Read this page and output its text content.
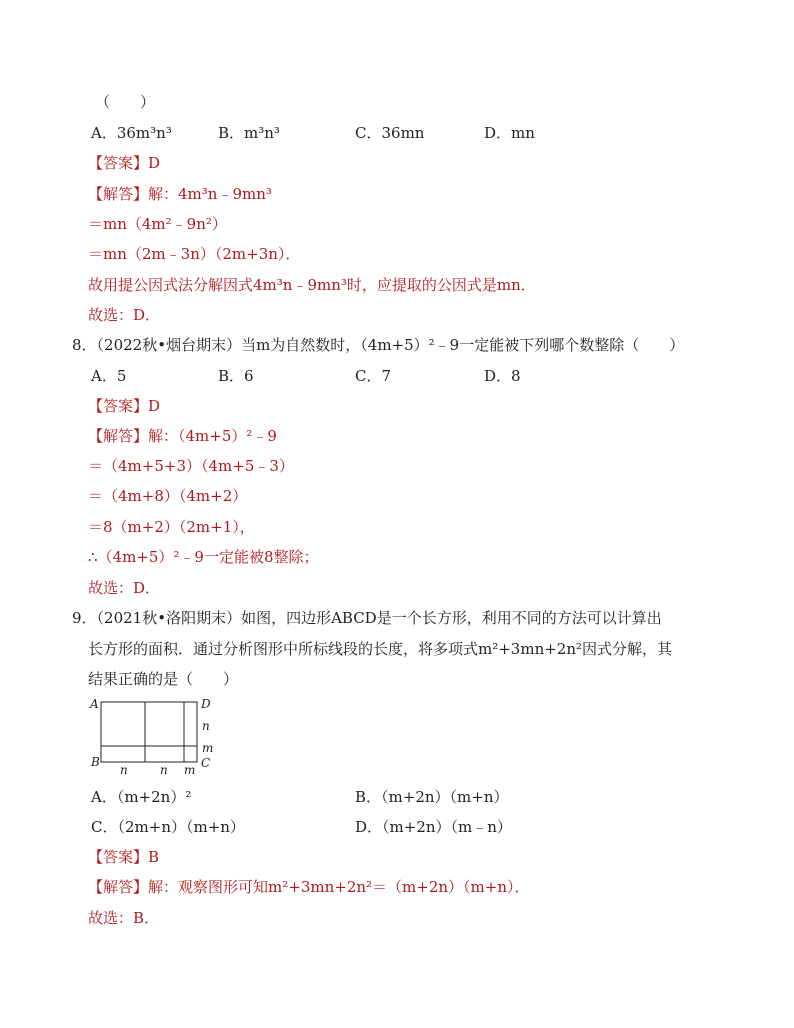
（　　）
A．36m³n³	B．m³n³	C．36mn	D．mn
【答案】D
【解答】解：4m³n﹣9mn³
＝mn（4m²﹣9n²）
＝mn（2m﹣3n）（2m+3n）．
故用提公因式法分解因式4m³n﹣9mn³时，应提取的公因式是mn．
故选：D．
8．（2022秋•烟台期末）当m为自然数时，（4m+5）²﹣9一定能被下列哪个数整除（　　）
A．5	B．6	C．7	D．8
【答案】D
【解答】解：（4m+5）²﹣9
＝（4m+5+3）（4m+5﹣3）
＝（4m+8）（4m+2）
＝8（m+2）（2m+1），
∴（4m+5）²﹣9一定能被8整除；
故选：D．
9．（2021秋•洛阳期末）如图，四边形ABCD是一个长方形，利用不同的方法可以计算出
长方形的面积．通过分析图形中所标线段的长度，将多项式m²+3mn+2n²因式分解，其
结果正确的是（　　）
A	D
B	C
n
m
n	n m
A．（m+2n）²	B．（m+2n）（m+n）
C．（2m+n）（m+n）	D．（m+2n）（m﹣n）
【答案】B
【解答】解：观察图形可知m²+3mn+2n²＝（m+2n）（m+n）．
故选：B．
